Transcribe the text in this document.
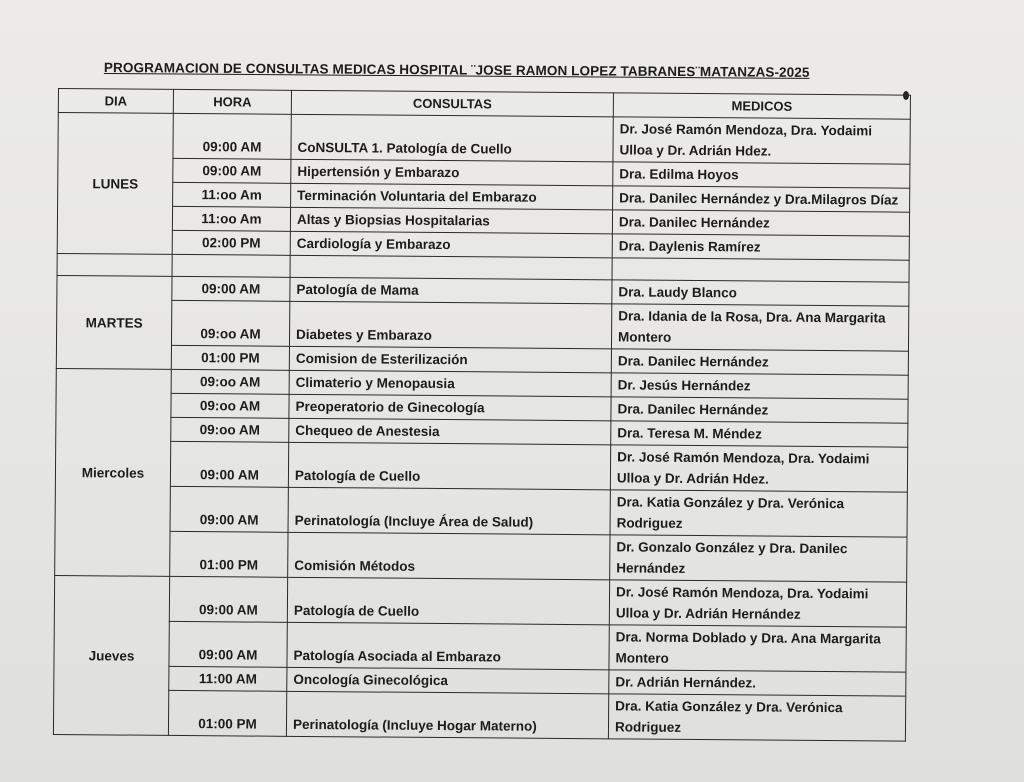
PROGRAMACION DE CONSULTAS MEDICAS HOSPITAL ¨JOSE RAMON LOPEZ TABRANES¨MATANZAS-2025
DIA	HORA	CONSULTAS	MEDICOS
LUNES	09:00 AM	CoNSULTA 1. Patología de Cuello	Dr. José Ramón Mendoza, Dra. Yodaimi Ulloa y Dr. Adrián Hdez.
	09:00 AM	Hipertensión y Embarazo	Dra. Edilma Hoyos
	11:oo Am	Terminación Voluntaria del Embarazo	Dra. Danilec Hernández y Dra.Milagros Díaz
	11:oo Am	Altas y Biopsias Hospitalarias	Dra. Danilec Hernández
	02:00 PM	Cardiología y Embarazo	Dra. Daylenis Ramírez

MARTES	09:00 AM	Patología de Mama	Dra. Laudy Blanco
	09:oo AM	Diabetes y Embarazo	Dra. Idania de la Rosa, Dra. Ana Margarita Montero
	01:00 PM	Comision de Esterilización	Dra. Danilec Hernández
Miercoles	09:oo AM	Climaterio y Menopausia	Dr. Jesús Hernández
	09:oo AM	Preoperatorio de Ginecología	Dra. Danilec Hernández
	09:oo AM	Chequeo de Anestesia	Dra. Teresa M. Méndez
	09:00 AM	Patología de Cuello	Dr. José Ramón Mendoza, Dra. Yodaimi Ulloa y Dr. Adrián Hdez.
	09:00 AM	Perinatología (Incluye Área de Salud)	Dra. Katia González y Dra. Verónica Rodriguez
	01:00 PM	Comisión Métodos	Dr. Gonzalo González y Dra. Danilec Hernández
Jueves	09:00 AM	Patología de Cuello	Dr. José Ramón Mendoza, Dra. Yodaimi Ulloa y Dr. Adrián Hernández
	09:00 AM	Patología Asociada al Embarazo	Dra. Norma Doblado y Dra. Ana Margarita Montero
	11:00 AM	Oncología Ginecológica	Dr. Adrián Hernández.
	01:00 PM	Perinatología (Incluye Hogar Materno)	Dra. Katia González y Dra. Verónica Rodriguez
